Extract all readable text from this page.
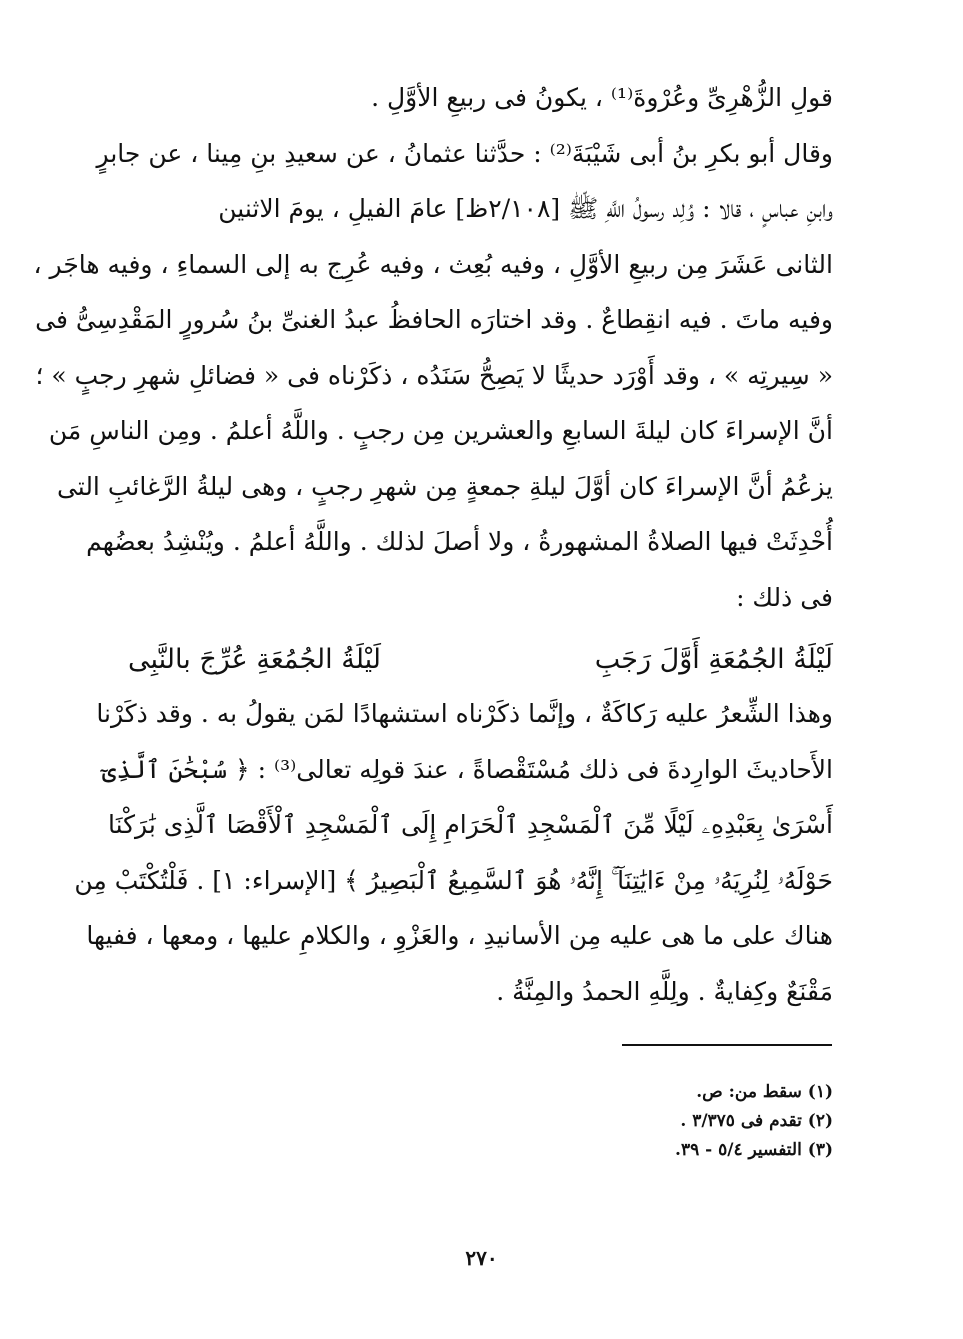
قولِ الزُّهْرِىِّ وعُرْوةَ⁽¹⁾ ، يكونُ فى ربيعِ الأوَّلِ .
وقال أبو بكرِ بنُ أبى شَيْبَةَ⁽²⁾ : حدَّثنا عثمانُ ، عن سعيدِ بنِ مِينا ، عن جابرٍ
وابنِ عباسٍ ، قالا : وُلِد رسولُ اللَّهِ ﷺ [٢/١٠٨ظ] عامَ الفيلِ ، يومَ الاثنين
الثانى عَشَرَ مِن ربيعِ الأوَّلِ ، وفيه بُعِث ، وفيه عُرِج به إلى السماءِ ، وفيه هاجَر ،
وفيه ماتَ . فيه انقِطاعٌ . وقد اختارَه الحافظُ عبدُ الغنىِّ بنُ سُرورٍ المَقْدِسِىُّ فى
« سِيرتِه » ، وقد أَوْرَد حديثًا لا يَصِحُّ سَنَدُه ، ذكَرْناه فى « فضائلِ شهرِ رجبٍ » ؛
أنَّ الإسراءَ كان ليلةَ السابعِ والعشرين مِن رجبٍ . واللَّهُ أعلمُ . ومِن الناسِ مَن
يزعُمُ أنَّ الإسراءَ كان أوَّلَ ليلةِ جمعةٍ مِن شهرِ رجبٍ ، وهى ليلةُ الرَّغائبِ التى
أُحْدِثَتْ فيها الصلاةُ المشهورةُ ، ولا أصلَ لذلك . واللَّهُ أعلمُ . ويُنْشِدُ بعضُهم
فى ذلك :
لَيْلَةُ الجُمُعَةِ أَوَّلَ رَجَبِ
لَيْلَةُ الجُمُعَةِ عُرِّجَ بالنَّبِى
وهذا الشِّعرُ عليه رَكاكَةٌ ، وإنَّما ذكَرْناه استشهادًا لمَن يقولُ به . وقد ذكَرْنا
الأَحاديثَ الوارِدةَ فى ذلك مُسْتَقْصاةً ، عندَ قولِه تعالى⁽³⁾ : ﴿ سُبْحَٰنَ ٱلَّذِىٓ
أَسْرَىٰ بِعَبْدِهِۦ لَيْلًا مِّنَ ٱلْمَسْجِدِ ٱلْحَرَامِ إِلَى ٱلْمَسْجِدِ ٱلْأَقْصَا ٱلَّذِى بَٰرَكْنَا
حَوْلَهُۥ لِنُرِيَهُۥ مِنْ ءَايَٰتِنَآ ۚ إِنَّهُۥ هُوَ ٱلسَّمِيعُ ٱلْبَصِيرُ ﴾ [الإسراء: ١] . فَلْتُكْتَبْ مِن
هناك على ما هى عليه مِن الأسانيدِ ، والعَزْوِ ، والكلامِ عليها ، ومعها ، ففيها
مَقْنَعٌ وكِفايةٌ . ولِلَّهِ الحمدُ والمِنَّةُ .
(١) سقط من: ص.
(٢) تقدم فى ٣/٣٧٥ .
(٣) التفسير ٥/٤ - ٣٩.
٢٧٠
